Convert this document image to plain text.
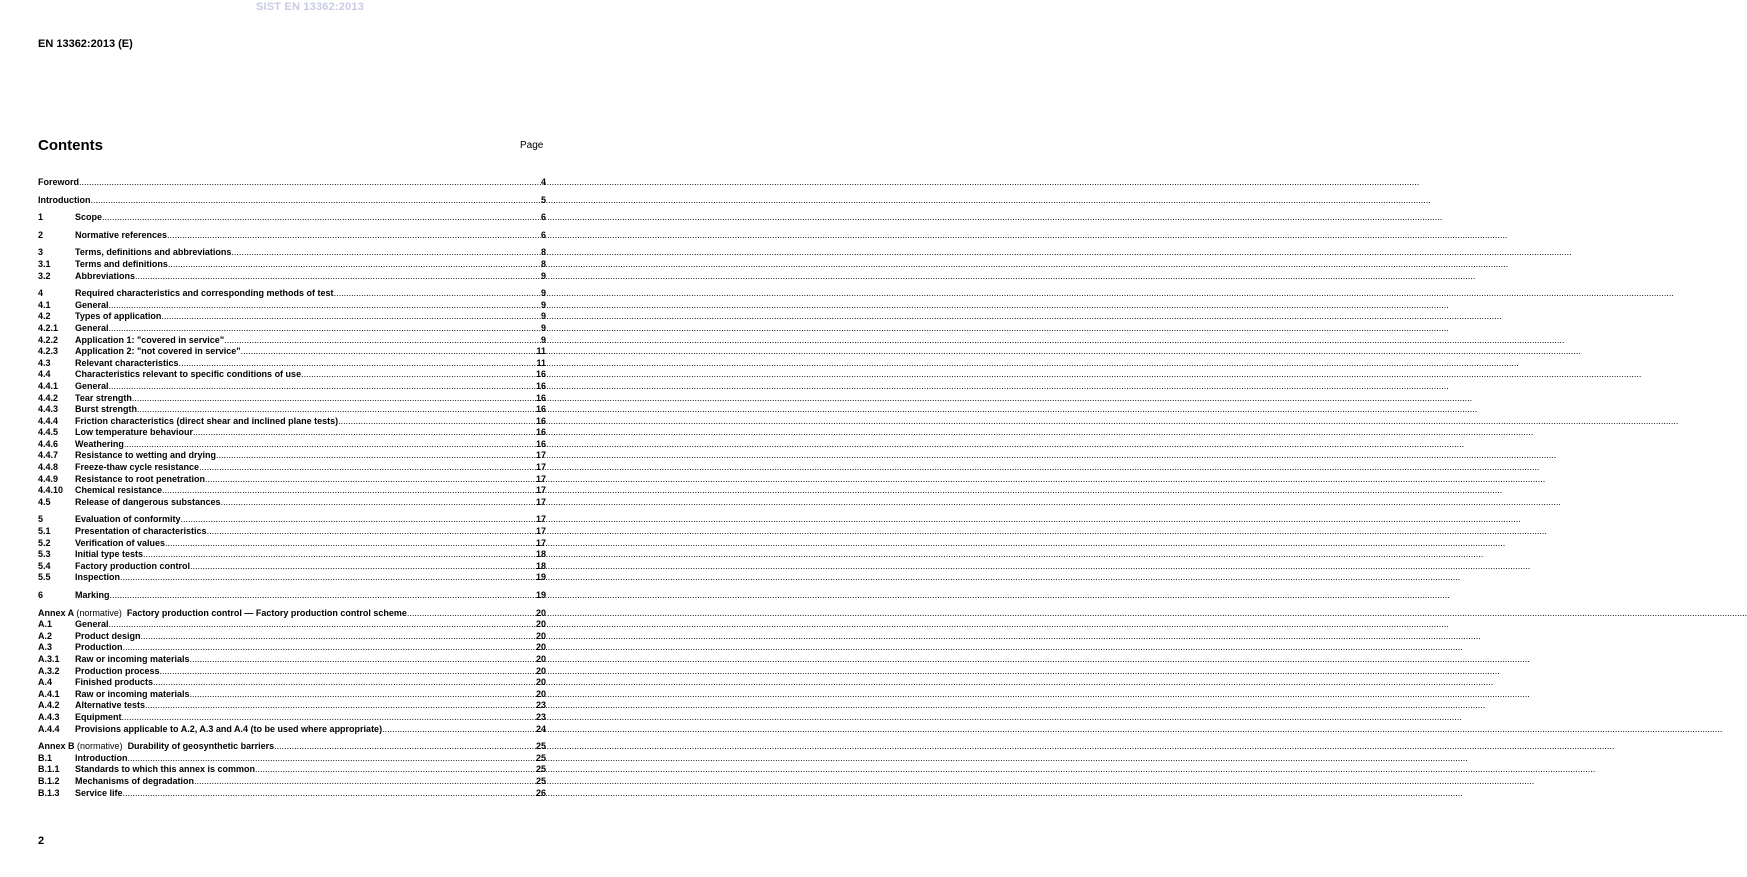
SIST EN 13362:2013
EN 13362:2013 (E)
Contents	Page
Foreword .....	4
Introduction .....	5
1	Scope .....	6
2	Normative references .....	6
3	Terms, definitions and abbreviations .....	8
3.1	Terms and definitions .....	8
3.2	Abbreviations .....	9
4	Required characteristics and corresponding methods of test .....	9
4.1	General .....	9
4.2	Types of application .....	9
4.2.1	General .....	9
4.2.2	Application 1: "covered in service" .....	9
4.2.3	Application 2: "not covered in service" .....	11
4.3	Relevant characteristics .....	11
4.4	Characteristics relevant to specific conditions of use .....	16
4.4.1	General .....	16
4.4.2	Tear strength .....	16
4.4.3	Burst strength .....	16
4.4.4	Friction characteristics (direct shear and inclined plane tests) .....	16
4.4.5	Low temperature behaviour .....	16
4.4.6	Weathering .....	16
4.4.7	Resistance to wetting and drying .....	17
4.4.8	Freeze-thaw cycle resistance .....	17
4.4.9	Resistance to root penetration .....	17
4.4.10	Chemical resistance .....	17
4.5	Release of dangerous substances .....	17
5	Evaluation of conformity .....	17
5.1	Presentation of characteristics .....	17
5.2	Verification of values .....	17
5.3	Initial type tests .....	18
5.4	Factory production control .....	18
5.5	Inspection .....	19
6	Marking .....	19
Annex A (normative) Factory production control — Factory production control scheme .....	20
A.1	General .....	20
A.2	Product design .....	20
A.3	Production .....	20
A.3.1	Raw or incoming materials .....	20
A.3.2	Production process .....	20
A.4	Finished products .....	20
A.4.1	Raw or incoming materials .....	20
A.4.2	Alternative tests .....	23
A.4.3	Equipment .....	23
A.4.4	Provisions applicable to A.2, A.3 and A.4 (to be used where appropriate) .....	24
Annex B (normative) Durability of geosynthetic barriers .....	25
B.1	Introduction .....	25
B.1.1	Standards to which this annex is common .....	25
B.1.2	Mechanisms of degradation .....	25
B.1.3	Service life .....	26
2
